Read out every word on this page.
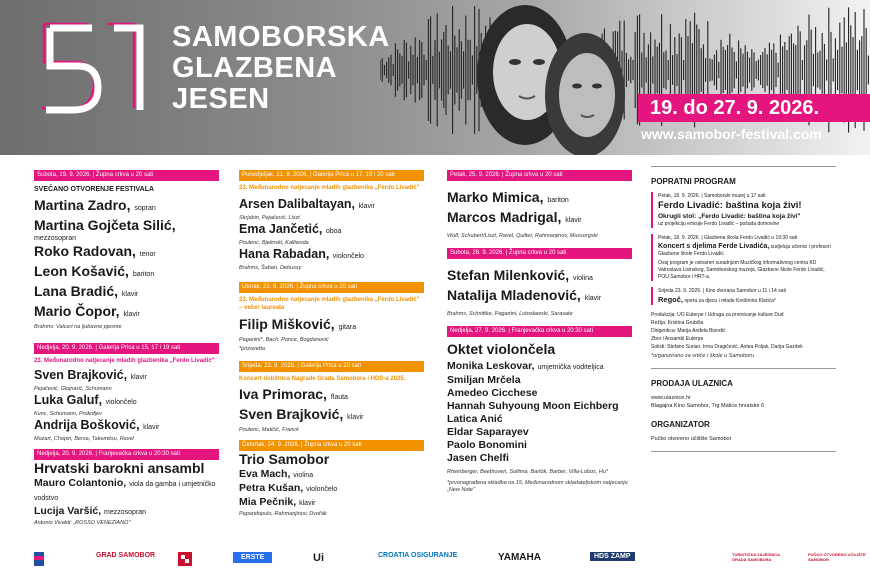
SAMOBORSKA
GLAZBENA
JESEN	19. do 27. 9. 2026.
www.samobor-festival.com
Subota, 19. 9. 2026. | Župna crkva u 20 sati
SVEČANO OTVORENJE FESTIVALA
Martina Zadro, sopran
Martina Gojčeta Silić,
mezzosopran
Roko Radovan, tenor
Leon Košavić, bariton
Lana Bradić, klavir
Mario Čopor, klavir
Brahms: Valceri na ljubavne pjesme
Nedjelja, 20. 9. 2026. | Galerija Prica u 15, 17 i 19 sati
23. Međunarodno natjecanje mladih glazbenika „Ferdo Livadić"
Sven Brajković, klavir
Pejačević, Glojnarić, Schumann
Luka Galuf, violončelo
Kunc, Schumann, Prokofjev
Andrija Bošković, klavir
Mozart, Chopin, Bersa, Takemitsu, Ravel
Nedjelja, 20. 9. 2026. | Franjevačka crkva u 20:30 sati
Hrvatski barokni ansambl
Mauro Colantonio, viola da gamba i umjetničko vodstvo
Lucija Varšić, mezzosopran
Antonio Vivaldi: „ROSSO VENEZIANO"
Ponedjeljak, 21. 9. 2026. | Galerija Prica u 17, 19 i 20 sati
23. Međunarodno natjecanje mladih glazbenika „Ferdo Livadić"
Arsen Dalibaltayan, klavir
Skrjabin, Pejačević, Liszt
Ema Jančetić, oboa
Poulenc, Bjelinski, Kalliwoda
Hana Rabadan, violončelo
Brahms, Šaban, Debussy
Utorak, 22. 9. 2026. | Župna crkva u 20 sati
23. Međunarodno natjecanje mladih glazbenika „Ferdo Livadić" – večer laureata
Filip Mišković, gitara
Paganini*, Bach, Ponce, Bogdanović
*prizovetta
Srijeda, 23. 9. 2026. | Galerija Prica u 20 sati
Koncert dobitnica Nagrade Grada Samobora i HDS-a 2025.
Iva Primorac, flauta
Sven Brajković, klavir
Poulenc, Matičić, Franck
Četvrtak, 24. 9. 2026. | Župna crkva u 20 sati
Trio Samobor
Eva Mach, violina
Petra Kušan, violončelo
Mia Pečnik, klavir
Papandopulo, Rahmanjinov, Dvořák
Petak, 25. 9. 2026. | Župna crkva u 20 sati
Marko Mimica, bariton
Marcos Madrigal, klavir
Wolf, Schubert/Liszt, Ravel, Quilter, Rahmanjinov, Mussorgski
Subota, 26. 9. 2026. | Župna crkva u 20 sati
Stefan Milenković, violina
Natalija Mladenović, klavir
Brahms, Schnittke, Paganini, Lutosławski, Sarasate
Nedjelja, 27. 9. 2026. | Franjevačka crkva u 20:30 sati
Oktet violončela
Monika Leskovar, umjetnička voditeljica
Smiljan Mrčela
Amedeo Cicchese
Hannah Suhyoung Moon Eichberg
Latica Anić
Eldar Saparayev
Paolo Bonomini
Jasen Chelfi
Rheinberger, Beethoven, Sollima, Bartók, Barber, Villa-Lobos, Hu*
*prvonagrađena skladba na 15. Međunarodnom skladateljskom natjecanju „New Note"
POPRATNI PROGRAM
Petak, 18. 9. 2026. | Samoborski muzej u 17 sati
Ferdo Livadić: baština koja živi!
Okrugli stol: „Ferdo Livadić: baština koja živi"
uz projekciju emisije Ferdo Livadić – pošuda domovine
Petak, 18. 9. 2026. | Glazbena škola Ferdo Livadić u 19:30 sati
Koncert s djelima Ferde Livadića, sudjeluju učenici i profesori Glazbene škole Ferdo Livadić
Ovaj program je ostvaren suradnjom Muzičkog informativnog centra KD Vatroslava Lisinskog, Samoborskog muzeja, Glazbene škole Ferdo Livadić, POU Samobor i HRT-a.
Srijeda 23. 9. 2026. | Kino dvorana Samobor u 11 i 14 sati
Regoč, opera za djecu i mlade Krešimira Klarića*
Produkcija: UO Euterpe / Udruga za promicanje kulture Dud
Režija: Kristina Grubiša
Dirigentica: Marija Anđela Biondić
Zbor i Ansambl Euterpe
Solisti: Stefano Surian, Irma Dragičević, Antea Poljak, Darija Gazdek
*organizirano za vrtiće i škole u Samoboru
PRODAJA ULAZNICA
www.ulaznice.hr
Blagajna Kino Samobor, Trg Matice hrvatske 6
ORGANIZATOR
Pučko otvoreno učilište Samobor
GRAD SAMOBOR	ERSTE	Ui	CROATIA OSIGURANJE	YAMAHA	HDS ZAMP	TURISTIČKA ZAJEDNICA GRADA SAMOBORA
PUČKO OTVORENO UČILIŠTE SAMOBOR
